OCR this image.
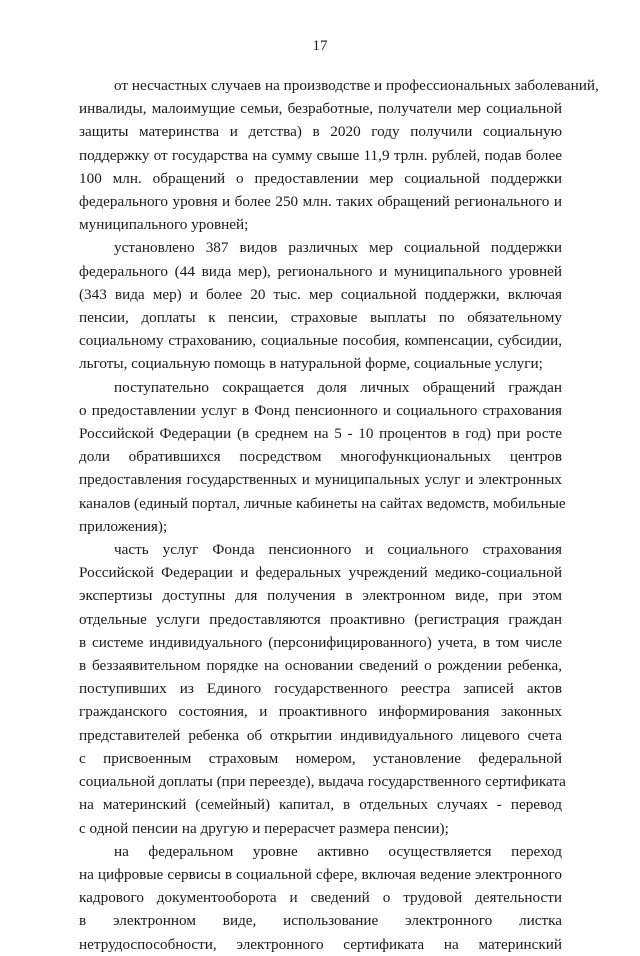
17
от несчастных случаев на производстве и профессиональных заболеваний,
инвалиды, малоимущие семьи, безработные, получатели мер социальной
защиты материнства и детства) в 2020 году получили социальную
поддержку от государства на сумму свыше 11,9 трлн. рублей, подав более
100 млн. обращений о предоставлении мер социальной поддержки
федерального уровня и более 250 млн. таких обращений регионального и
муниципального уровней;
установлено 387 видов различных мер социальной поддержки
федерального (44 вида мер), регионального и муниципального уровней
(343 вида мер) и более 20 тыс. мер социальной поддержки, включая
пенсии, доплаты к пенсии, страховые выплаты по обязательному
социальному страхованию, социальные пособия, компенсации, субсидии,
льготы, социальную помощь в натуральной форме, социальные услуги;
поступательно сокращается доля личных обращений граждан
о предоставлении услуг в Фонд пенсионного и социального страхования
Российской Федерации (в среднем на 5 - 10 процентов в год) при росте
доли обратившихся посредством многофункциональных центров
предоставления государственных и муниципальных услуг и электронных
каналов (единый портал, личные кабинеты на сайтах ведомств, мобильные
приложения);
часть услуг Фонда пенсионного и социального страхования
Российской Федерации и федеральных учреждений медико-социальной
экспертизы доступны для получения в электронном виде, при этом
отдельные услуги предоставляются проактивно (регистрация граждан
в системе индивидуального (персонифицированного) учета, в том числе
в беззаявительном порядке на основании сведений о рождении ребенка,
поступивших из Единого государственного реестра записей актов
гражданского состояния, и проактивного информирования законных
представителей ребенка об открытии индивидуального лицевого счета
с присвоенным страховым номером, установление федеральной
социальной доплаты (при переезде), выдача государственного сертификата
на материнский (семейный) капитал, в отдельных случаях - перевод
с одной пенсии на другую и перерасчет размера пенсии);
на федеральном уровне активно осуществляется переход
на цифровые сервисы в социальной сфере, включая ведение электронного
кадрового документооборота и сведений о трудовой деятельности
в электронном виде, использование электронного листка
нетрудоспособности, электронного сертификата на материнский
